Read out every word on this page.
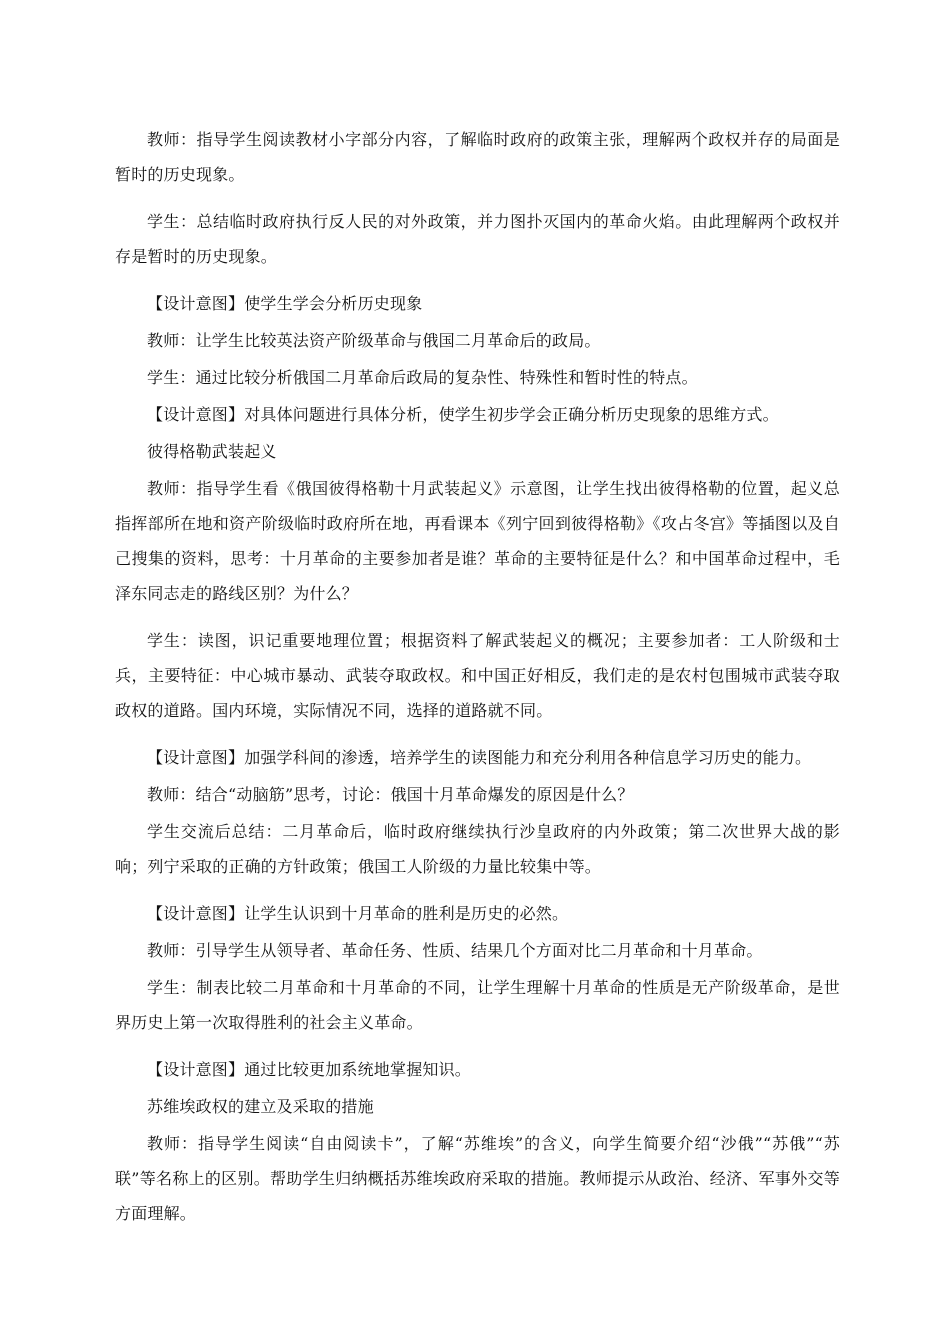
教师：指导学生阅读教材小字部分内容，了解临时政府的政策主张，理解两个政权并存的局面是暂时的历史现象。

学生：总结临时政府执行反人民的对外政策，并力图扑灭国内的革命火焰。由此理解两个政权并存是暂时的历史现象。

【设计意图】使学生学会分析历史现象

教师：让学生比较英法资产阶级革命与俄国二月革命后的政局。

学生：通过比较分析俄国二月革命后政局的复杂性、特殊性和暂时性的特点。

【设计意图】对具体问题进行具体分析，使学生初步学会正确分析历史现象的思维方式。

彼得格勒武装起义

教师：指导学生看《俄国彼得格勒十月武装起义》示意图，让学生找出彼得格勒的位置，起义总指挥部所在地和资产阶级临时政府所在地，再看课本《列宁回到彼得格勒》《攻占冬宫》等插图以及自己搜集的资料，思考：十月革命的主要参加者是谁？革命的主要特征是什么？和中国革命过程中，毛泽东同志走的路线区别？为什么？

学生：读图，识记重要地理位置；根据资料了解武装起义的概况；主要参加者：工人阶级和士兵，主要特征：中心城市暴动、武装夺取政权。和中国正好相反，我们走的是农村包围城市武装夺取政权的道路。国内环境，实际情况不同，选择的道路就不同。

【设计意图】加强学科间的渗透，培养学生的读图能力和充分利用各种信息学习历史的能力。

教师：结合“动脑筋”思考，讨论：俄国十月革命爆发的原因是什么？

学生交流后总结：二月革命后，临时政府继续执行沙皇政府的内外政策；第二次世界大战的影响；列宁采取的正确的方针政策；俄国工人阶级的力量比较集中等。

【设计意图】让学生认识到十月革命的胜利是历史的必然。

教师：引导学生从领导者、革命任务、性质、结果几个方面对比二月革命和十月革命。

学生：制表比较二月革命和十月革命的不同，让学生理解十月革命的性质是无产阶级革命，是世界历史上第一次取得胜利的社会主义革命。

【设计意图】通过比较更加系统地掌握知识。

苏维埃政权的建立及采取的措施

教师：指导学生阅读“自由阅读卡”，了解“苏维埃”的含义，向学生简要介绍“沙俄”“苏俄”“苏联”等名称上的区别。帮助学生归纳概括苏维埃政府采取的措施。教师提示从政治、经济、军事外交等方面理解。
